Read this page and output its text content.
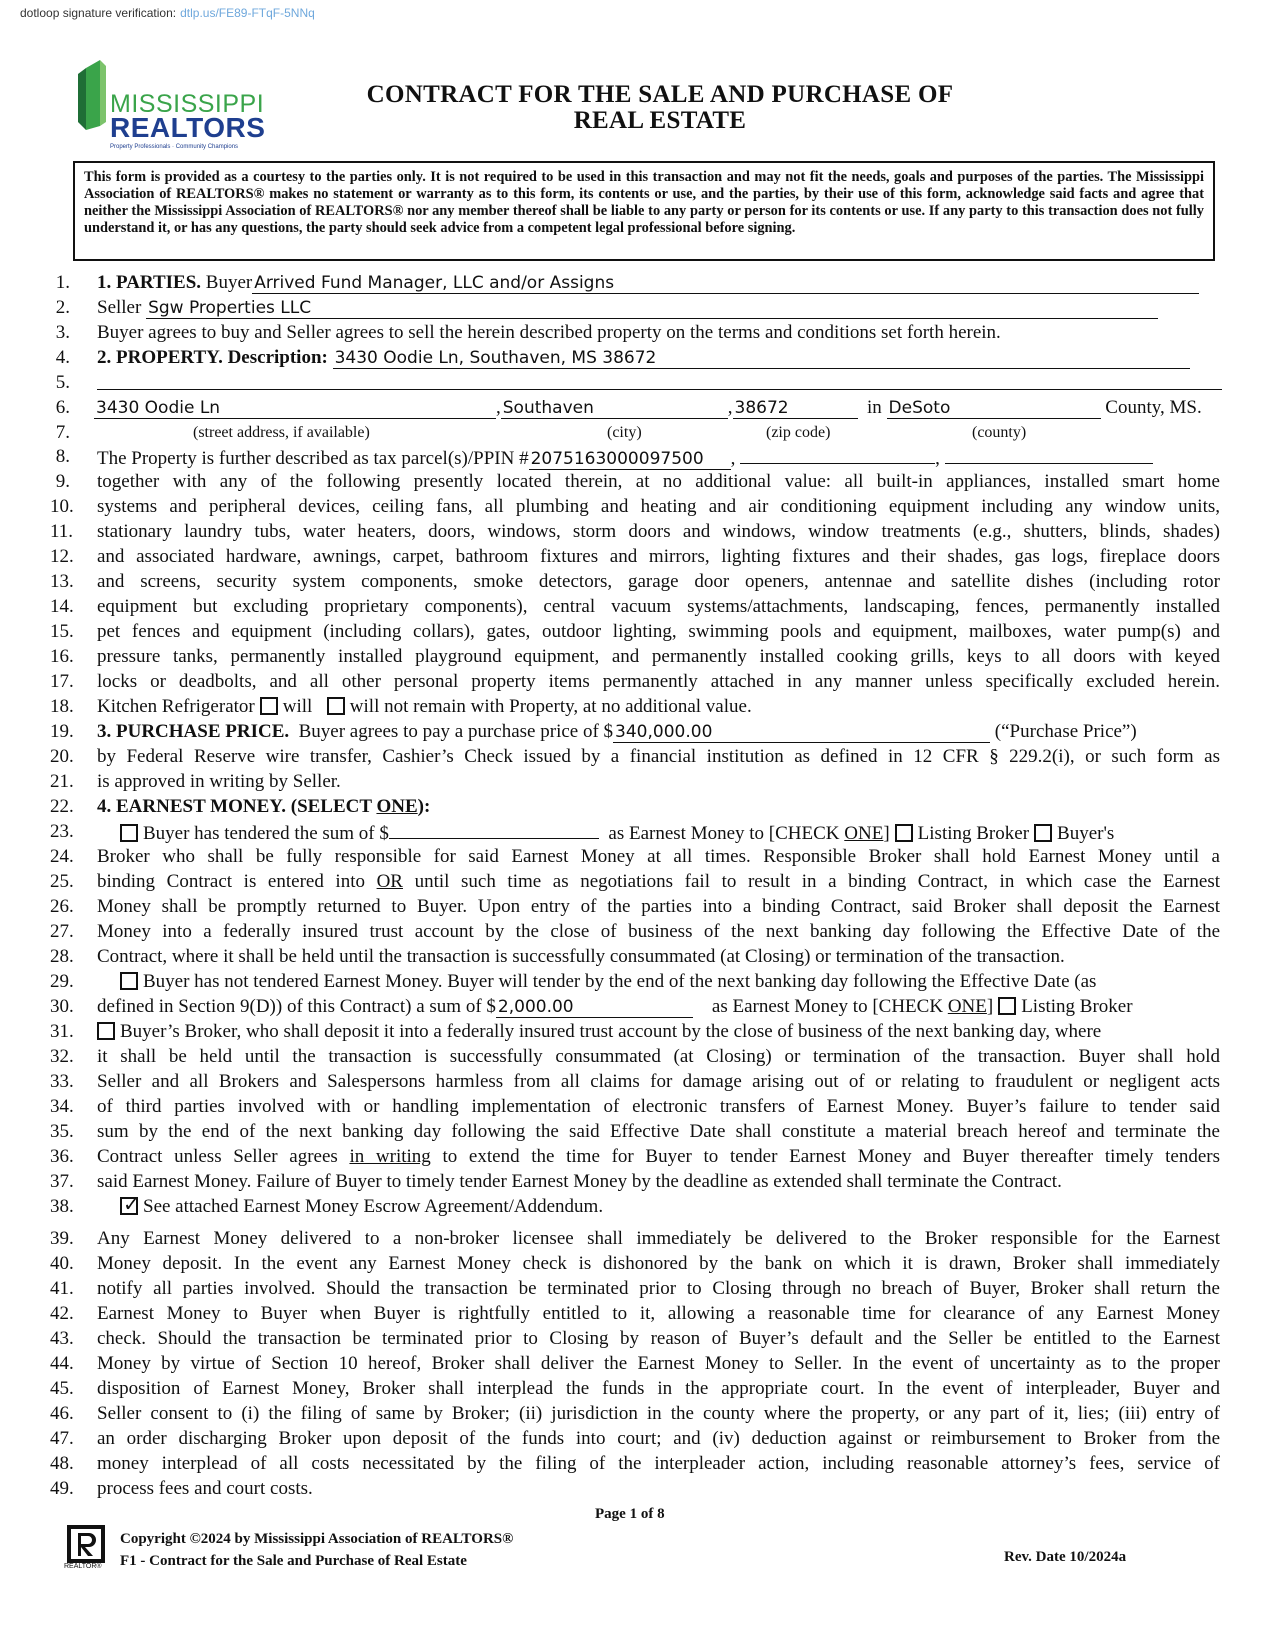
dotloop signature verification: dtlp.us/FE89-FTqF-5NNq
MISSISSIPPI
REALTORS
Property Professionals · Community Champions
CONTRACT FOR THE SALE AND PURCHASE OF
REAL ESTATE
This form is provided as a courtesy to the parties only. It is not required to be used in this transaction and may not fit the needs, goals and purposes of the parties. The Mississippi Association of REALTORS® makes no statement or warranty as to this form, its contents or use, and the parties, by their use of this form, acknowledge said facts and agree that neither the Mississippi Association of REALTORS® nor any member thereof shall be liable to any party or person for its contents or use. If any party to this transaction does not fully understand it, or has any questions, the party should seek advice from a competent legal professional before signing.
1. 1. PARTIES. Buyer Arrived Fund Manager, LLC and/or Assigns
2. Seller Sgw Properties LLC
3. Buyer agrees to buy and Seller agrees to sell the herein described property on the terms and conditions set forth herein.
4. 2. PROPERTY. Description: 3430 Oodie Ln, Southaven, MS 38672
5.
6. 3430 Oodie Ln	, Southaven	, 38672	in DeSoto	County, MS.
7.	(street address, if available)	(city)	(zip code)	(county)
8. The Property is further described as tax parcel(s)/PPIN # 2075163000097500 ,	,
9. together with any of the following presently located therein, at no additional value: all built-in appliances, installed smart home
10. systems and peripheral devices, ceiling fans, all plumbing and heating and air conditioning equipment including any window units,
11. stationary laundry tubs, water heaters, doors, windows, storm doors and windows, window treatments (e.g., shutters, blinds, shades)
12. and associated hardware, awnings, carpet, bathroom fixtures and mirrors, lighting fixtures and their shades, gas logs, fireplace doors
13. and screens, security system components, smoke detectors, garage door openers, antennae and satellite dishes (including rotor
14. equipment but excluding proprietary components), central vacuum systems/attachments, landscaping, fences, permanently installed
15. pet fences and equipment (including collars), gates, outdoor lighting, swimming pools and equipment, mailboxes, water pump(s) and
16. pressure tanks, permanently installed playground equipment, and permanently installed cooking grills, keys to all doors with keyed
17. locks or deadbolts, and all other personal property items permanently attached in any manner unless specifically excluded herein.
18. Kitchen Refrigerator will will not remain with Property, at no additional value.
19. 3. PURCHASE PRICE. Buyer agrees to pay a purchase price of $ 340,000.00	(“Purchase Price”)
20. by Federal Reserve wire transfer, Cashier’s Check issued by a financial institution as defined in 12 CFR § 229.2(i), or such form as
21. is approved in writing by Seller.
22. 4. EARNEST MONEY. (SELECT ONE):
23.	Buyer has tendered the sum of $	as Earnest Money to [CHECK ONE] Listing Broker Buyer's
24. Broker who shall be fully responsible for said Earnest Money at all times. Responsible Broker shall hold Earnest Money until a
25. binding Contract is entered into OR until such time as negotiations fail to result in a binding Contract, in which case the Earnest
26. Money shall be promptly returned to Buyer. Upon entry of the parties into a binding Contract, said Broker shall deposit the Earnest
27. Money into a federally insured trust account by the close of business of the next banking day following the Effective Date of the
28. Contract, where it shall be held until the transaction is successfully consummated (at Closing) or termination of the transaction.
29.	Buyer has not tendered Earnest Money. Buyer will tender by the end of the next banking day following the Effective Date (as
30. defined in Section 9(D)) of this Contract) a sum of $ 2,000.00	as Earnest Money to [CHECK ONE] Listing Broker
31.	Buyer’s Broker, who shall deposit it into a federally insured trust account by the close of business of the next banking day, where
32. it shall be held until the transaction is successfully consummated (at Closing) or termination of the transaction. Buyer shall hold
33. Seller and all Brokers and Salespersons harmless from all claims for damage arising out of or relating to fraudulent or negligent acts
34. of third parties involved with or handling implementation of electronic transfers of Earnest Money. Buyer’s failure to tender said
35. sum by the end of the next banking day following the said Effective Date shall constitute a material breach hereof and terminate the
36. Contract unless Seller agrees in writing to extend the time for Buyer to tender Earnest Money and Buyer thereafter timely tenders
37. said Earnest Money. Failure of Buyer to timely tender Earnest Money by the deadline as extended shall terminate the Contract.
38.
✓	See attached Earnest Money Escrow Agreement/Addendum.
39. Any Earnest Money delivered to a non-broker licensee shall immediately be delivered to the Broker responsible for the Earnest
40. Money deposit. In the event any Earnest Money check is dishonored by the bank on which it is drawn, Broker shall immediately
41. notify all parties involved. Should the transaction be terminated prior to Closing through no breach of Buyer, Broker shall return the
42. Earnest Money to Buyer when Buyer is rightfully entitled to it, allowing a reasonable time for clearance of any Earnest Money
43. check. Should the transaction be terminated prior to Closing by reason of Buyer’s default and the Seller be entitled to the Earnest
44. Money by virtue of Section 10 hereof, Broker shall deliver the Earnest Money to Seller. In the event of uncertainty as to the proper
45. disposition of Earnest Money, Broker shall interplead the funds in the appropriate court. In the event of interpleader, Buyer and
46. Seller consent to (i) the filing of same by Broker; (ii) jurisdiction in the county where the property, or any part of it, lies; (iii) entry of
47. an order discharging Broker upon deposit of the funds into court; and (iv) deduction against or reimbursement to Broker from the
48. money interplead of all costs necessitated by the filing of the interpleader action, including reasonable attorney’s fees, service of
49. process fees and court costs.
Page 1 of 8
REALTOR®
Copyright ©2024 by Mississippi Association of REALTORS®
F1 - Contract for the Sale and Purchase of Real Estate	Rev. Date 10/2024a
